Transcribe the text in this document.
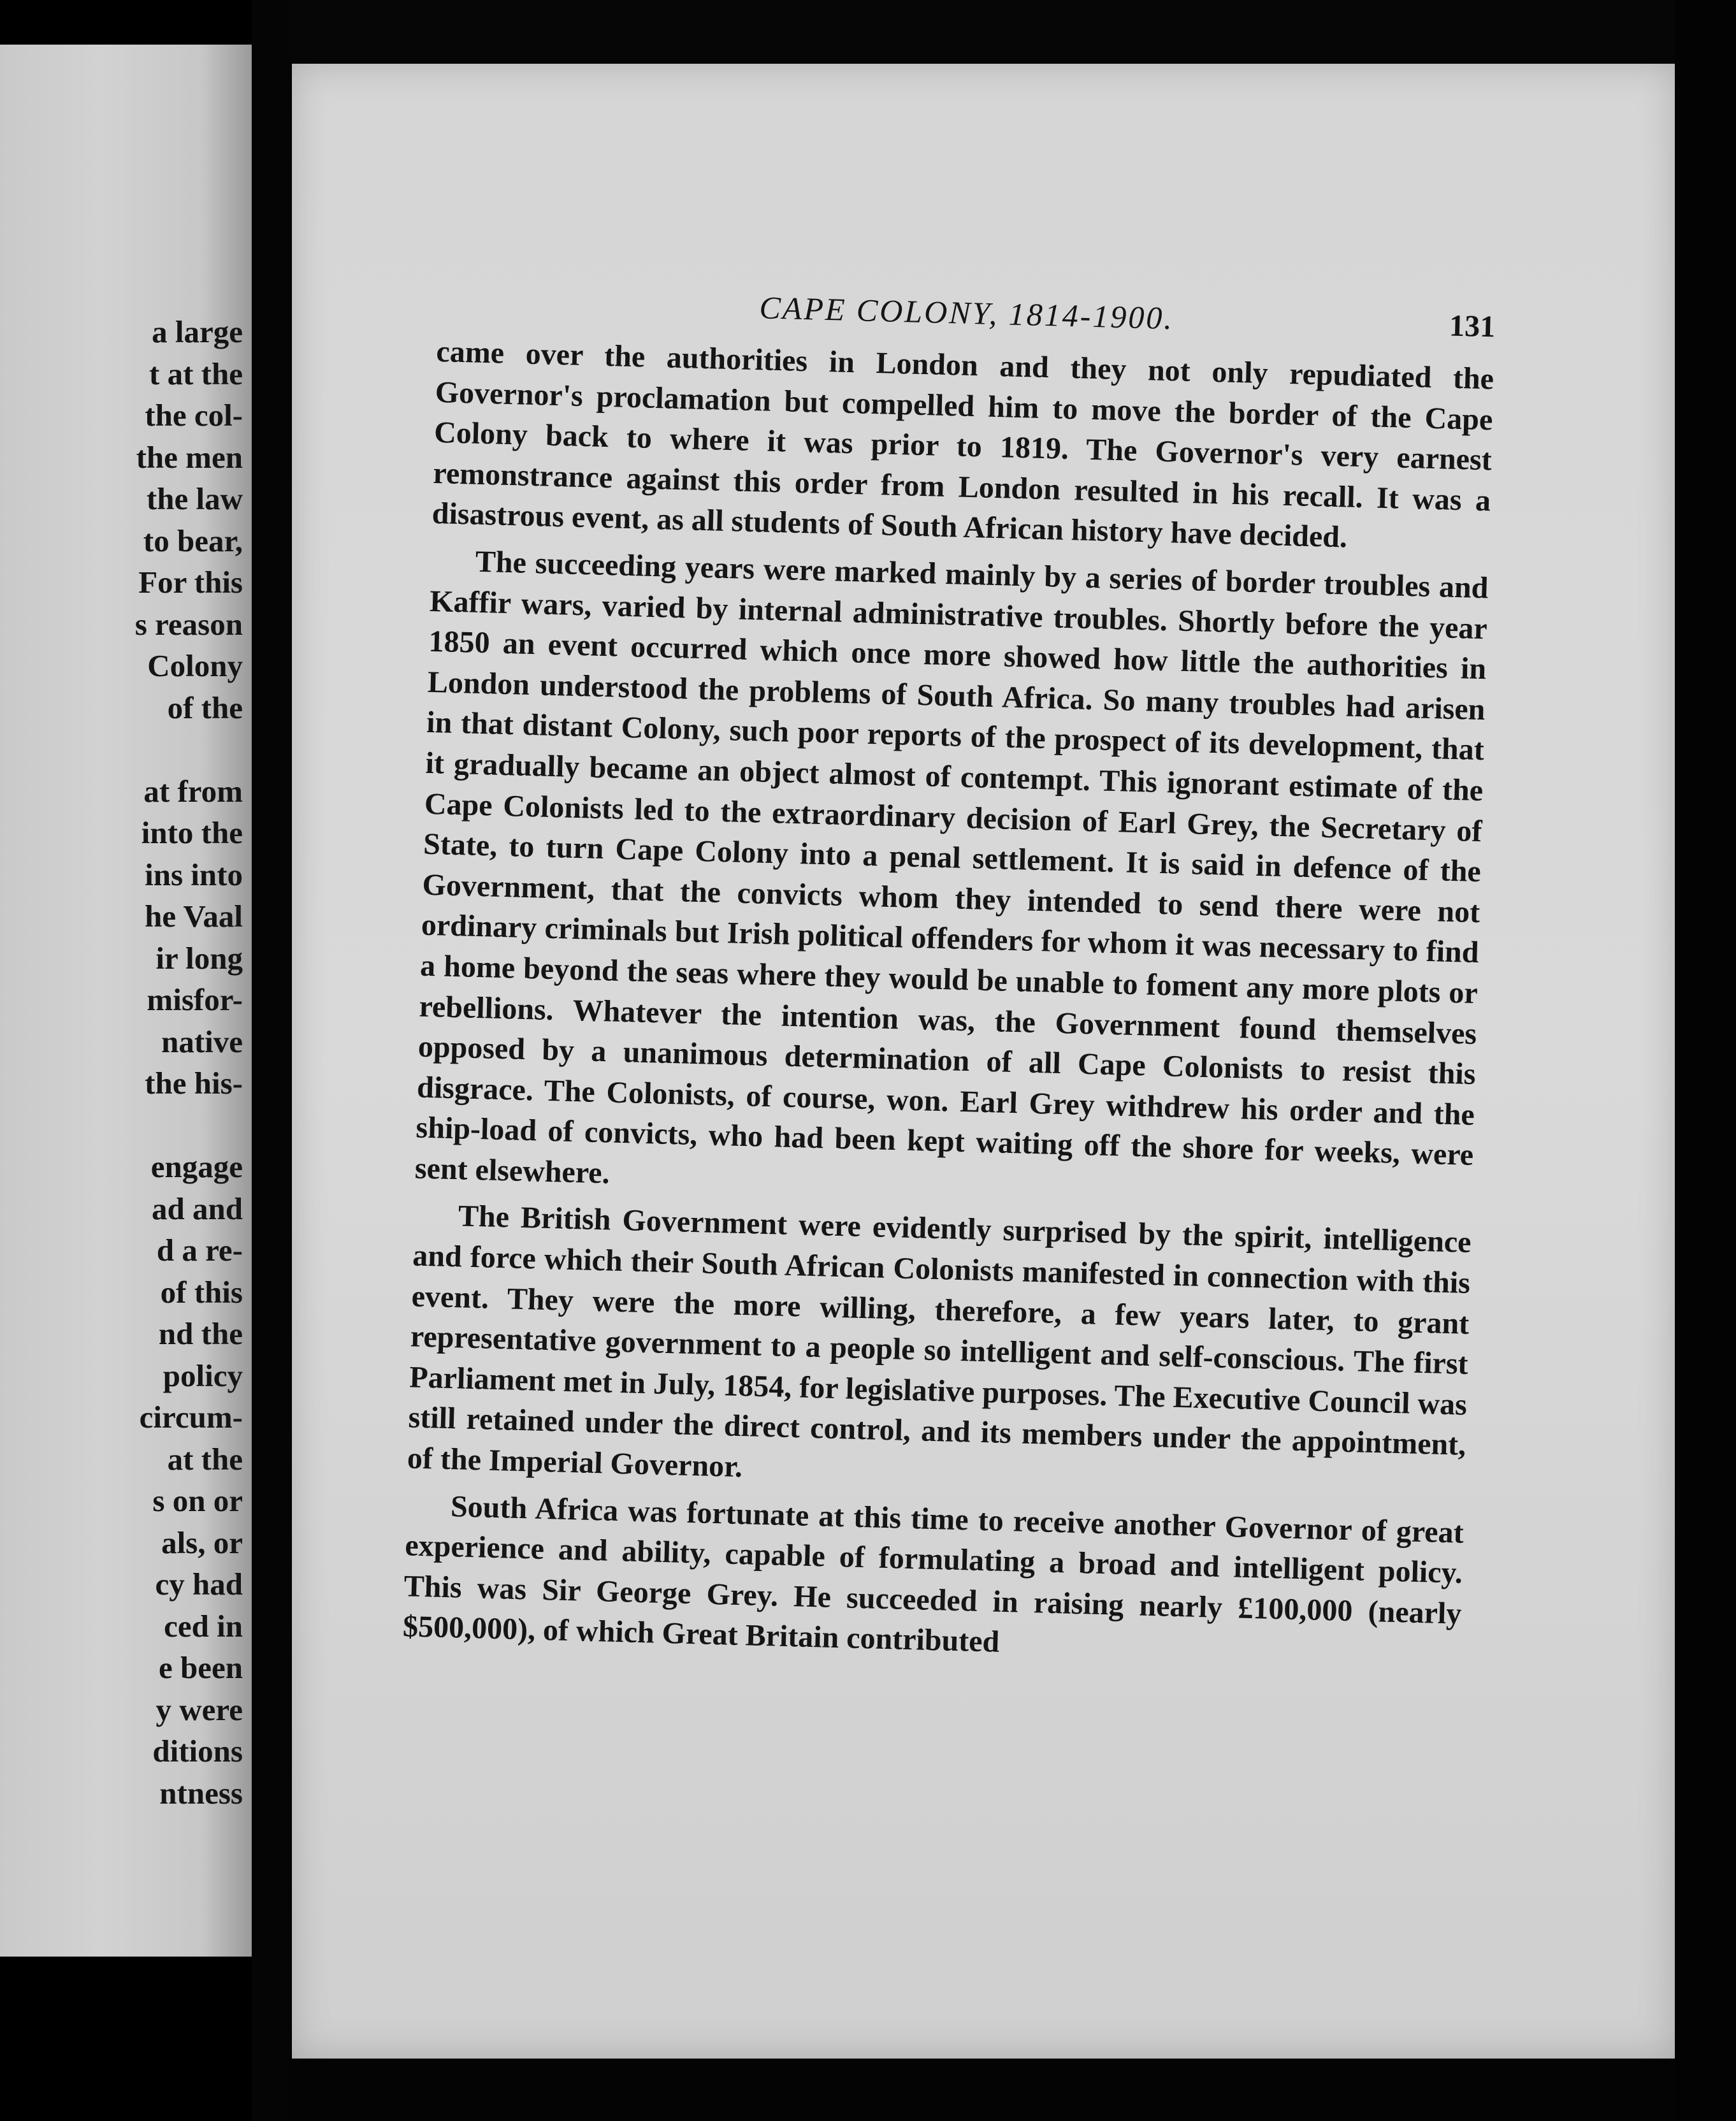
a large
t at the
the col-
the men
the law
to bear,
For this
s reason
Colony
of the

at from
into the
ins into
he Vaal
ir long
misfor-
native
the his-

engage
ad and
d a re-
of this
nd the
policy
circum-
at the
s on or
als, or
cy had
ced in
e been
y were
ditions
ntness
CAPE COLONY, 1814-1900.	131

came over the authorities in London and they not only repudiated the Governor's proclamation but compelled him to move the border of the Cape Colony back to where it was prior to 1819. The Governor's very earnest remonstrance against this order from London resulted in his recall. It was a disastrous event, as all students of South African history have decided.

The succeeding years were marked mainly by a series of border troubles and Kaffir wars, varied by internal administrative troubles. Shortly before the year 1850 an event occurred which once more showed how little the authorities in London understood the problems of South Africa. So many troubles had arisen in that distant Colony, such poor reports of the prospect of its development, that it gradually became an object almost of contempt. This ignorant estimate of the Cape Colonists led to the extraordinary decision of Earl Grey, the Secretary of State, to turn Cape Colony into a penal settlement. It is said in defence of the Government, that the convicts whom they intended to send there were not ordinary criminals but Irish political offenders for whom it was necessary to find a home beyond the seas where they would be unable to foment any more plots or rebellions. Whatever the intention was, the Government found themselves opposed by a unanimous determination of all Cape Colonists to resist this disgrace. The Colonists, of course, won. Earl Grey withdrew his order and the ship-load of convicts, who had been kept waiting off the shore for weeks, were sent elsewhere.

The British Government were evidently surprised by the spirit, intelligence and force which their South African Colonists manifested in connection with this event. They were the more willing, therefore, a few years later, to grant representative government to a people so intelligent and self-conscious. The first Parliament met in July, 1854, for legislative purposes. The Executive Council was still retained under the direct control, and its members under the appointment, of the Imperial Governor.

South Africa was fortunate at this time to receive another Governor of great experience and ability, capable of formulating a broad and intelligent policy. This was Sir George Grey. He succeeded in raising nearly £100,000 (nearly $500,000), of which Great Britain contributed
